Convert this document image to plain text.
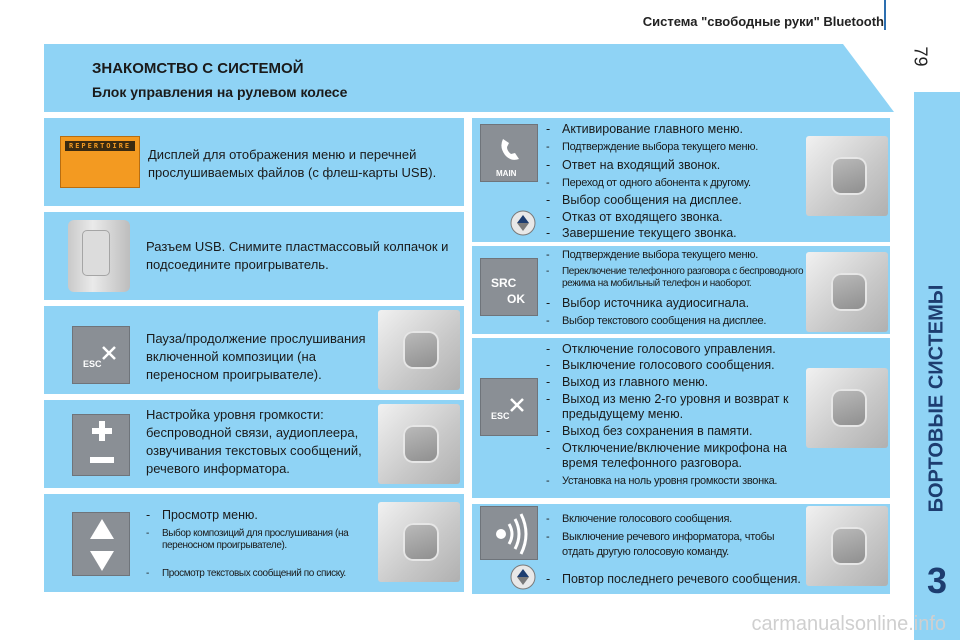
Система "свободные руки" Bluetooth
79
БОРТОВЫЕ СИСТЕМЫ
3
ЗНАКОМСТВО С СИСТЕМОЙ
Блок управления на рулевом колесе
REPERTOIRE
Дисплей для отображения меню и перечней прослушиваемых файлов (с флеш-карты USB).
Разъем USB. Снимите пластмассовый колпачок и подсоедините проигрыватель.
ESC
Пауза/продолжение прослушивания включенной композиции (на переносном проигрывателе).
Настройка уровня громкости: беспроводной связи, аудиоплеера, озвучивания текстовых сообщений, речевого информатора.
- Просмотр меню.
- Выбор композиций для прослушивания (на переносном проигрывателе).
- Просмотр текстовых сообщений по списку.
MAIN
- Активирование главного меню.
- Подтверждение выбора текущего меню.
- Ответ на входящий звонок.
- Переход от одного абонента к другому.
- Выбор сообщения на дисплее.
- Отказ от входящего звонка.
- Завершение текущего звонка.
SRC
OK
- Подтверждение выбора текущего меню.
- Переключение телефонного разговора с беспроводного режима на мобильный телефон и наоборот.
- Выбор источника аудиосигнала.
- Выбор текстового сообщения на дисплее.
ESC
- Отключение голосового управления.
- Выключение голосового сообщения.
- Выход из главного меню.
- Выход из меню 2-го уровня и возврат к предыдущему меню.
- Выход без сохранения в памяти.
- Отключение/включение микрофона на время телефонного разговора.
- Установка на ноль уровня громкости звонка.
- Включение голосового сообщения.
- Выключение речевого информатора, чтобы отдать другую голосовую команду.
- Повтор последнего речевого сообщения.
carmanualsonline.info
